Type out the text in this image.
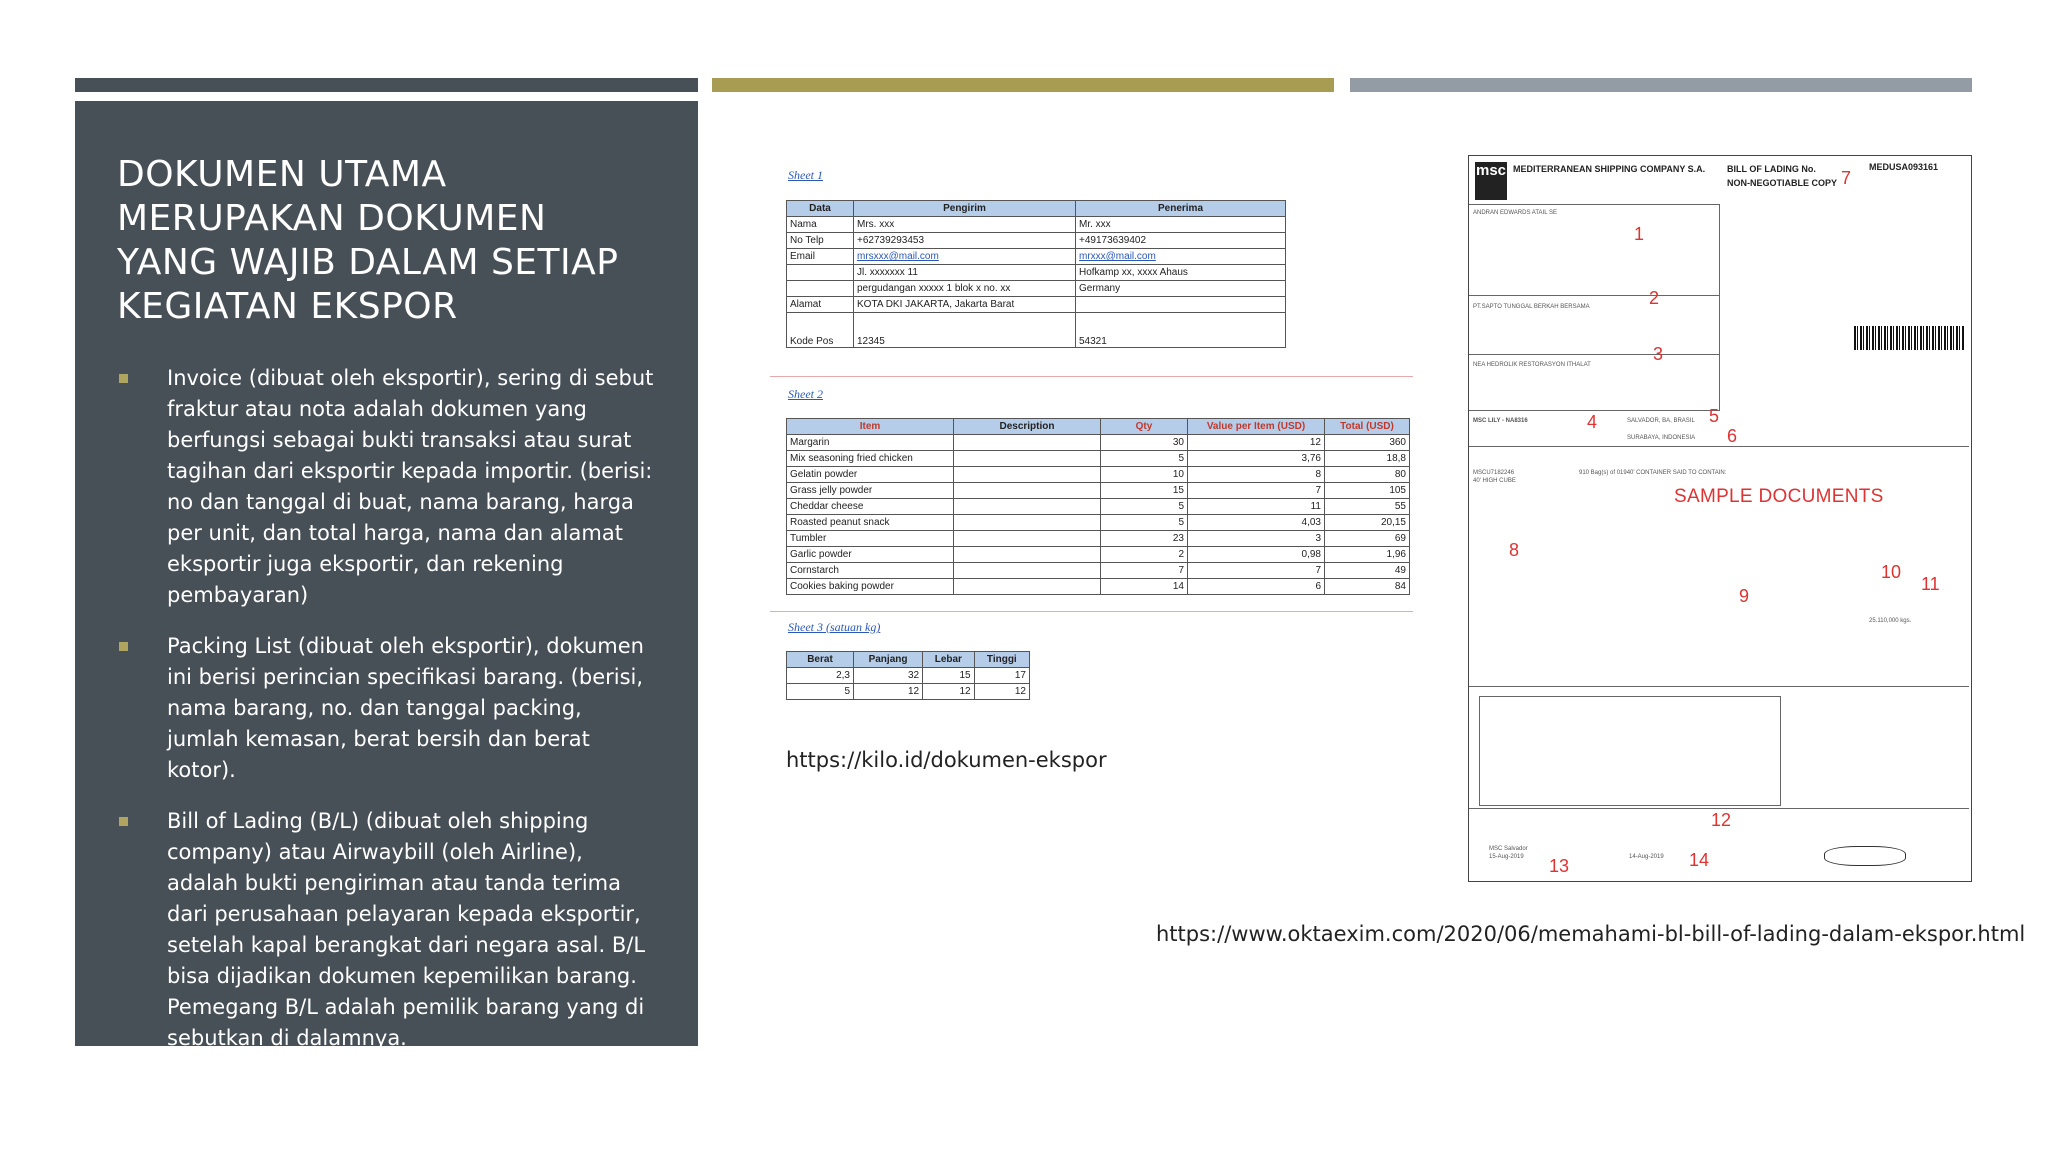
DOKUMEN UTAMA MERUPAKAN DOKUMEN YANG WAJIB DALAM SETIAP KEGIATAN EKSPOR
Invoice (dibuat oleh eksportir), sering di sebut fraktur atau nota adalah dokumen yang berfungsi sebagai bukti transaksi atau surat tagihan dari eksportir kepada importir. (berisi: no dan tanggal di buat, nama barang, harga per unit, dan total harga, nama dan alamat eksportir juga eksportir, dan rekening pembayaran)
Packing List (dibuat oleh eksportir), dokumen ini berisi perincian specifikasi barang. (berisi, nama barang, no. dan tanggal packing, jumlah kemasan, berat bersih dan berat kotor).
Bill of Lading (B/L) (dibuat oleh shipping company) atau Airwaybill (oleh Airline), adalah bukti pengiriman atau tanda terima dari perusahaan pelayaran kepada eksportir, setelah kapal berangkat dari negara asal. B/L bisa dijadikan dokumen kepemilikan barang. Pemegang B/L adalah pemilik barang yang di sebutkan di dalamnya.
Sheet 1
Data	Pengirim	Penerima
Nama	Mrs. xxx	Mr. xxx
No Telp	+62739293453	+49173639402
Email	mrsxxx@mail.com	mrxxx@mail.com
	Jl. xxxxxxx 11	Hofkamp xx, xxxx Ahaus
	pergudangan xxxxx 1 blok x no. xx	Germany
Alamat	KOTA DKI JAKARTA, Jakarta Barat	
Kode Pos	12345	54321
Sheet 2
Item	Description	Qty	Value per Item (USD)	Total (USD)
Margarin		30	12	360
Mix seasoning fried chicken		5	3,76	18,8
Gelatin powder		10	8	80
Grass jelly powder		15	7	105
Cheddar cheese		5	11	55
Roasted peanut snack		5	4,03	20,15
Tumbler		23	3	69
Garlic powder		2	0,98	1,96
Cornstarch		7	7	49
Cookies baking powder		14	6	84
Sheet 3 (satuan kg)
Berat	Panjang	Lebar	Tinggi
2,3	32	15	17
5	12	12	12
https://kilo.id/dokumen-ekspor
msc MEDITERRANEAN SHIPPING COMPANY S.A. BILL OF LADING No.	MEDUSA093161
NON-NEGOTIABLE COPY
ANDRAN EDWARDS ATAIL SE
PT.SAPTO TUNGGAL BERKAH BERSAMA
NEA HEDROLIK RESTORASYON ITHALAT
MSC LILY - NA8316	SALVADOR, BA, BRASIL
SURABAYA, INDONESIA
MSCU7182246
40' HIGH CUBE
910 Bag(s) of 01940' CONTAINER SAID TO CONTAIN:
SAMPLE DOCUMENTS
25.110,000 kgs.
MSC Salvador
15-Aug-2019	14-Aug-2019
1
2
3
4	5
6
7
8
9
10
11
12
13	14
https://www.oktaexim.com/2020/06/memahami-bl-bill-of-lading-dalam-ekspor.html
